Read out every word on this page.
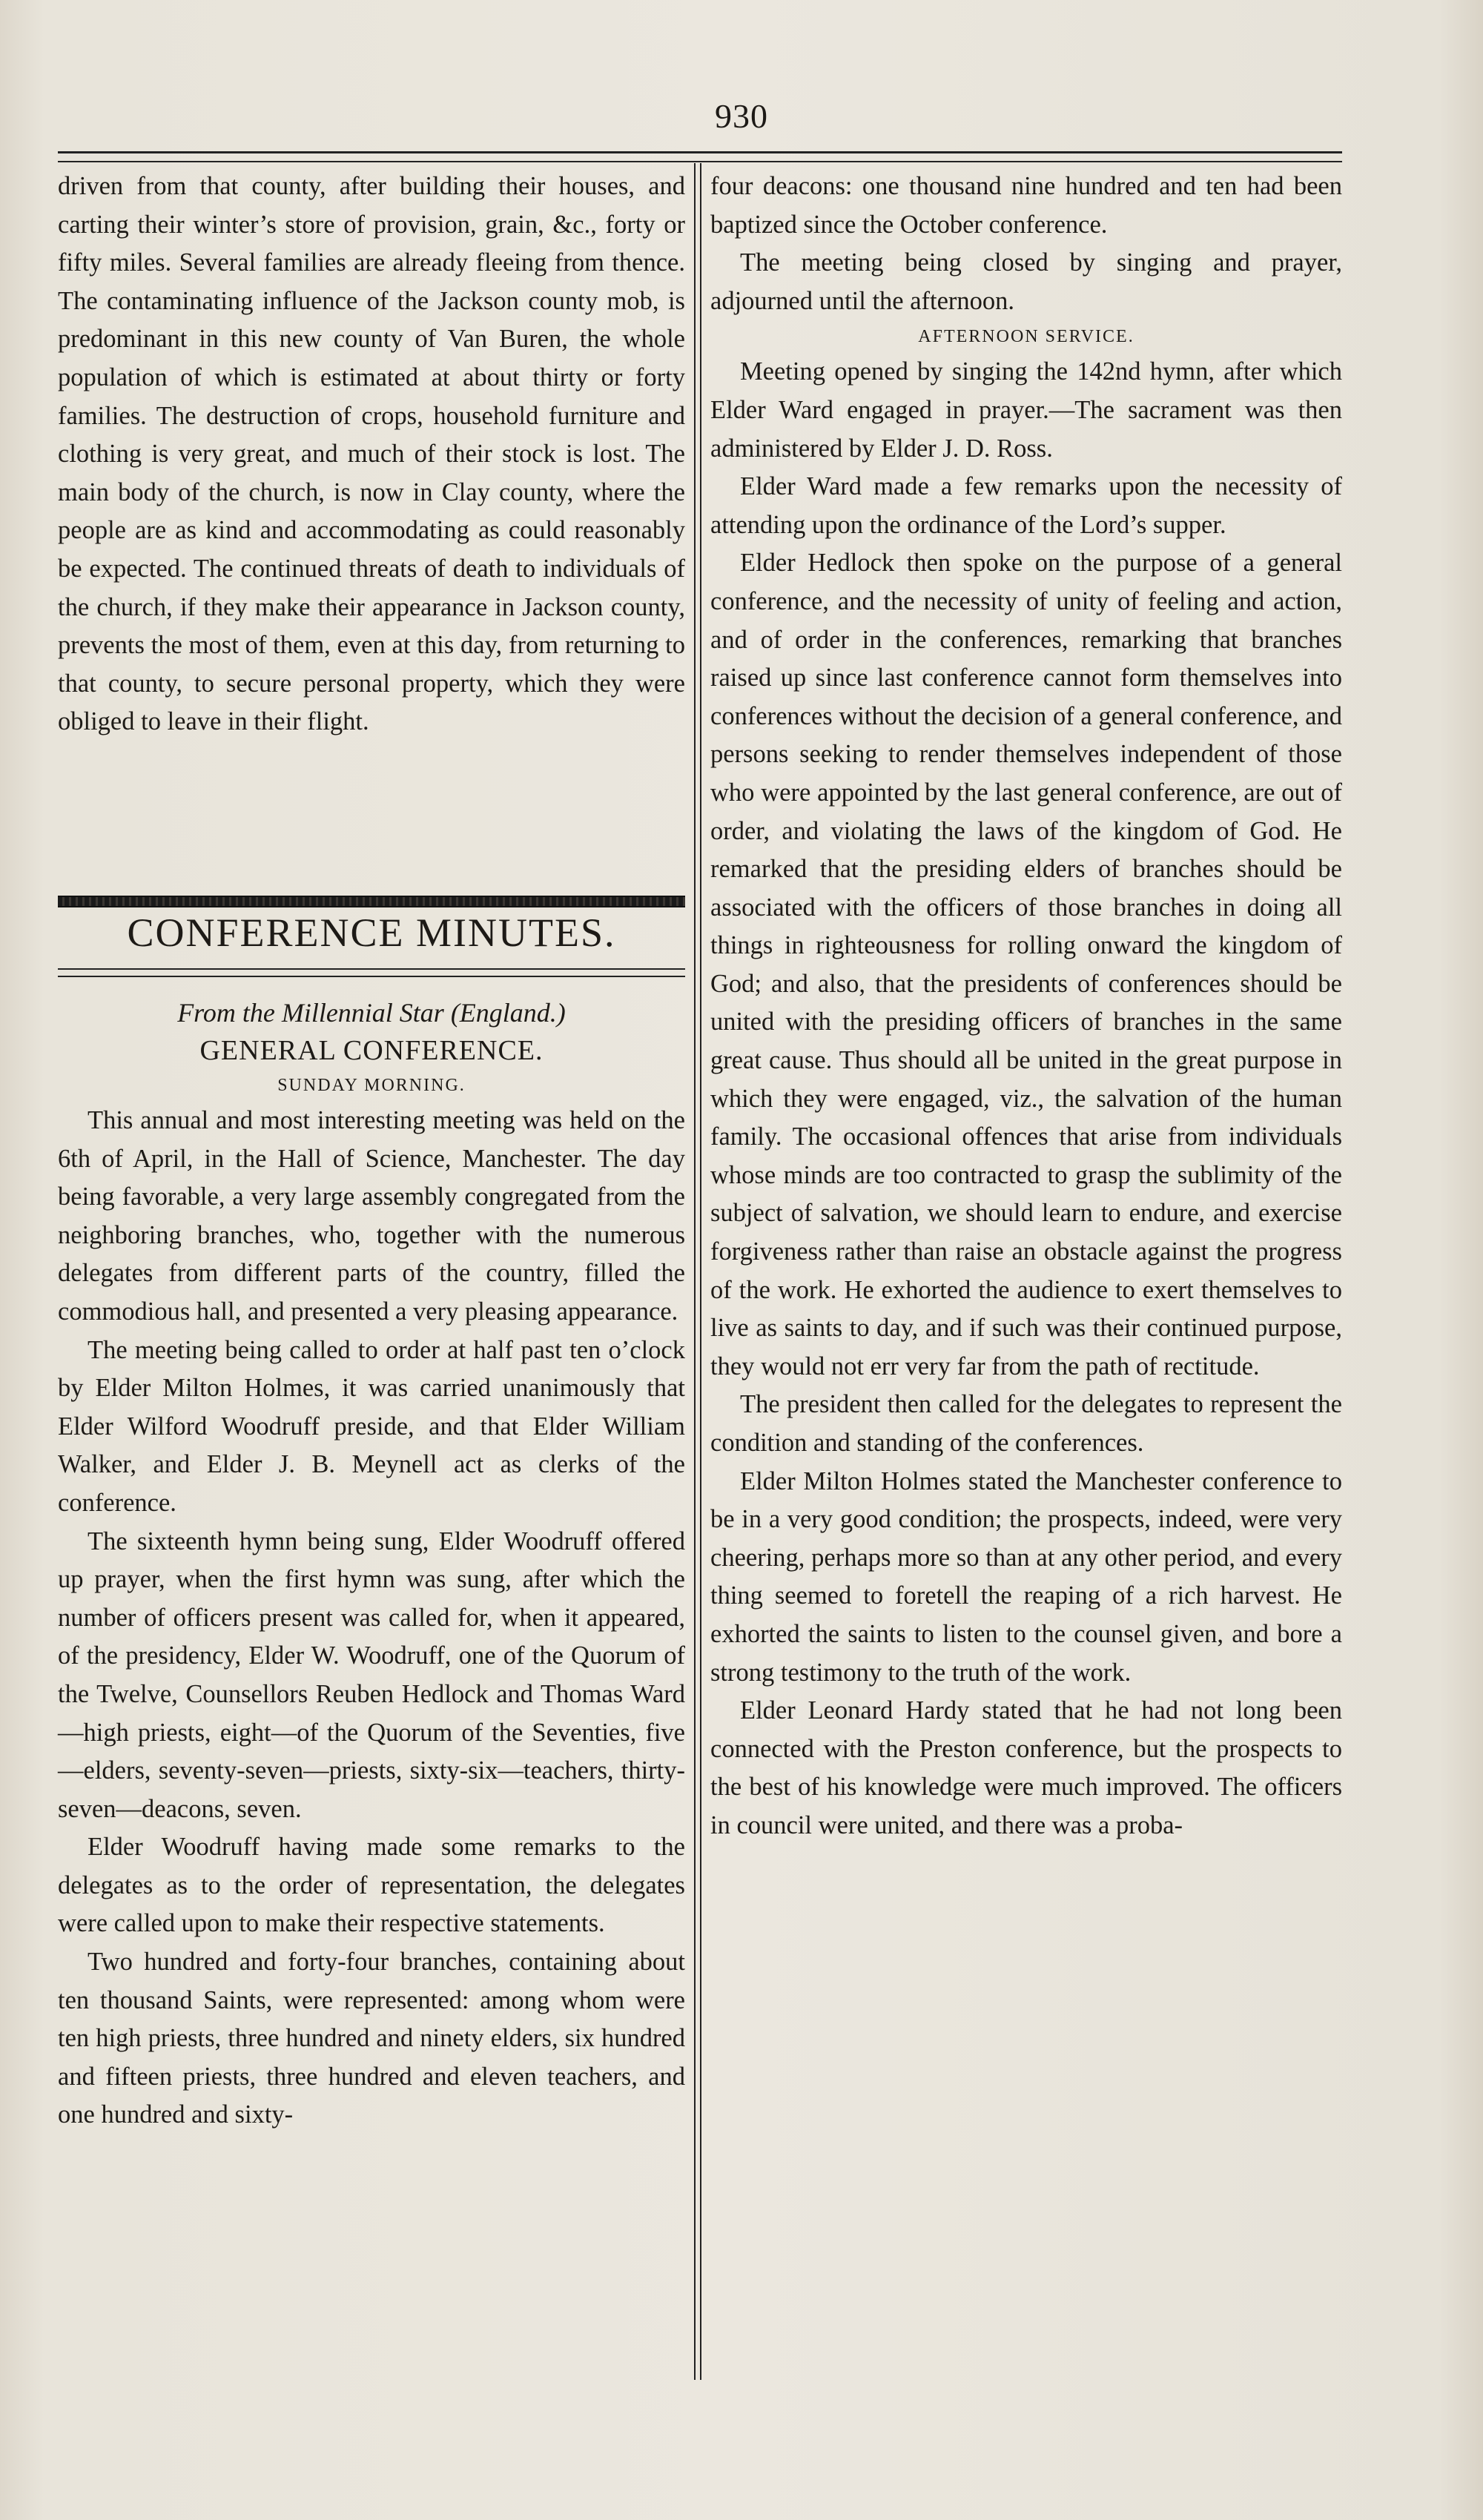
930

driven from that county, after building their houses, and carting their winter’s store of provision, grain, &c., forty or fifty miles. Several families are already fleeing from thence. The contaminating influence of the Jackson county mob, is predominant in this new county of Van Buren, the whole population of which is estimated at about thirty or forty families. The destruction of crops, household furniture and clothing is very great, and much of their stock is lost. The main body of the church, is now in Clay county, where the people are as kind and accommodating as could reasonably be expected. The continued threats of death to individuals of the church, if they make their appearance in Jackson county, prevents the most of them, even at this day, from returning to that county, to secure personal property, which they were obliged to leave in their flight.

CONFERENCE MINUTES.
From the Millennial Star (England.)
GENERAL CONFERENCE.
SUNDAY MORNING.

This annual and most interesting meeting was held on the 6th of April, in the Hall of Science, Manchester. The day being favorable, a very large assembly congregated from the neighboring branches, who, together with the numerous delegates from different parts of the country, filled the commodious hall, and presented a very pleasing appearance.

The meeting being called to order at half past ten o’clock by Elder Milton Holmes, it was carried unanimously that Elder Wilford Woodruff preside, and that Elder William Walker, and Elder J. B. Meynell act as clerks of the conference.

The sixteenth hymn being sung, Elder Woodruff offered up prayer, when the first hymn was sung, after which the number of officers present was called for, when it appeared, of the presidency, Elder W. Woodruff, one of the Quorum of the Twelve, Counsellors Reuben Hedlock and Thomas Ward—high priests, eight—of the Quorum of the Seventies, five—elders, seventy-seven—priests, sixty-six—teachers, thirty-seven—deacons, seven.

Elder Woodruff having made some remarks to the delegates as to the order of representation, the delegates were called upon to make their respective statements.

Two hundred and forty-four branches, containing about ten thousand Saints, were represented: among whom were ten high priests, three hundred and ninety elders, six hundred and fifteen priests, three hundred and eleven teachers, and one hundred and sixty-

four deacons: one thousand nine hundred and ten had been baptized since the October conference.

The meeting being closed by singing and prayer, adjourned until the afternoon.

AFTERNOON SERVICE.

Meeting opened by singing the 142nd hymn, after which Elder Ward engaged in prayer.—The sacrament was then administered by Elder J. D. Ross.

Elder Ward made a few remarks upon the necessity of attending upon the ordinance of the Lord’s supper.

Elder Hedlock then spoke on the purpose of a general conference, and the necessity of unity of feeling and action, and of order in the conferences, remarking that branches raised up since last conference cannot form themselves into conferences without the decision of a general conference, and persons seeking to render themselves independent of those who were appointed by the last general conference, are out of order, and violating the laws of the kingdom of God. He remarked that the presiding elders of branches should be associated with the officers of those branches in doing all things in righteousness for rolling onward the kingdom of God; and also, that the presidents of conferences should be united with the presiding officers of branches in the same great cause. Thus should all be united in the great purpose in which they were engaged, viz., the salvation of the human family. The occasional offences that arise from individuals whose minds are too contracted to grasp the sublimity of the subject of salvation, we should learn to endure, and exercise forgiveness rather than raise an obstacle against the progress of the work. He exhorted the audience to exert themselves to live as saints to day, and if such was their continued purpose, they would not err very far from the path of rectitude.

The president then called for the delegates to represent the condition and standing of the conferences.

Elder Milton Holmes stated the Manchester conference to be in a very good condition; the prospects, indeed, were very cheering, perhaps more so than at any other period, and every thing seemed to foretell the reaping of a rich harvest. He exhorted the saints to listen to the counsel given, and bore a strong testimony to the truth of the work.

Elder Leonard Hardy stated that he had not long been connected with the Preston conference, but the prospects to the best of his knowledge were much improved. The officers in council were united, and there was a proba-
